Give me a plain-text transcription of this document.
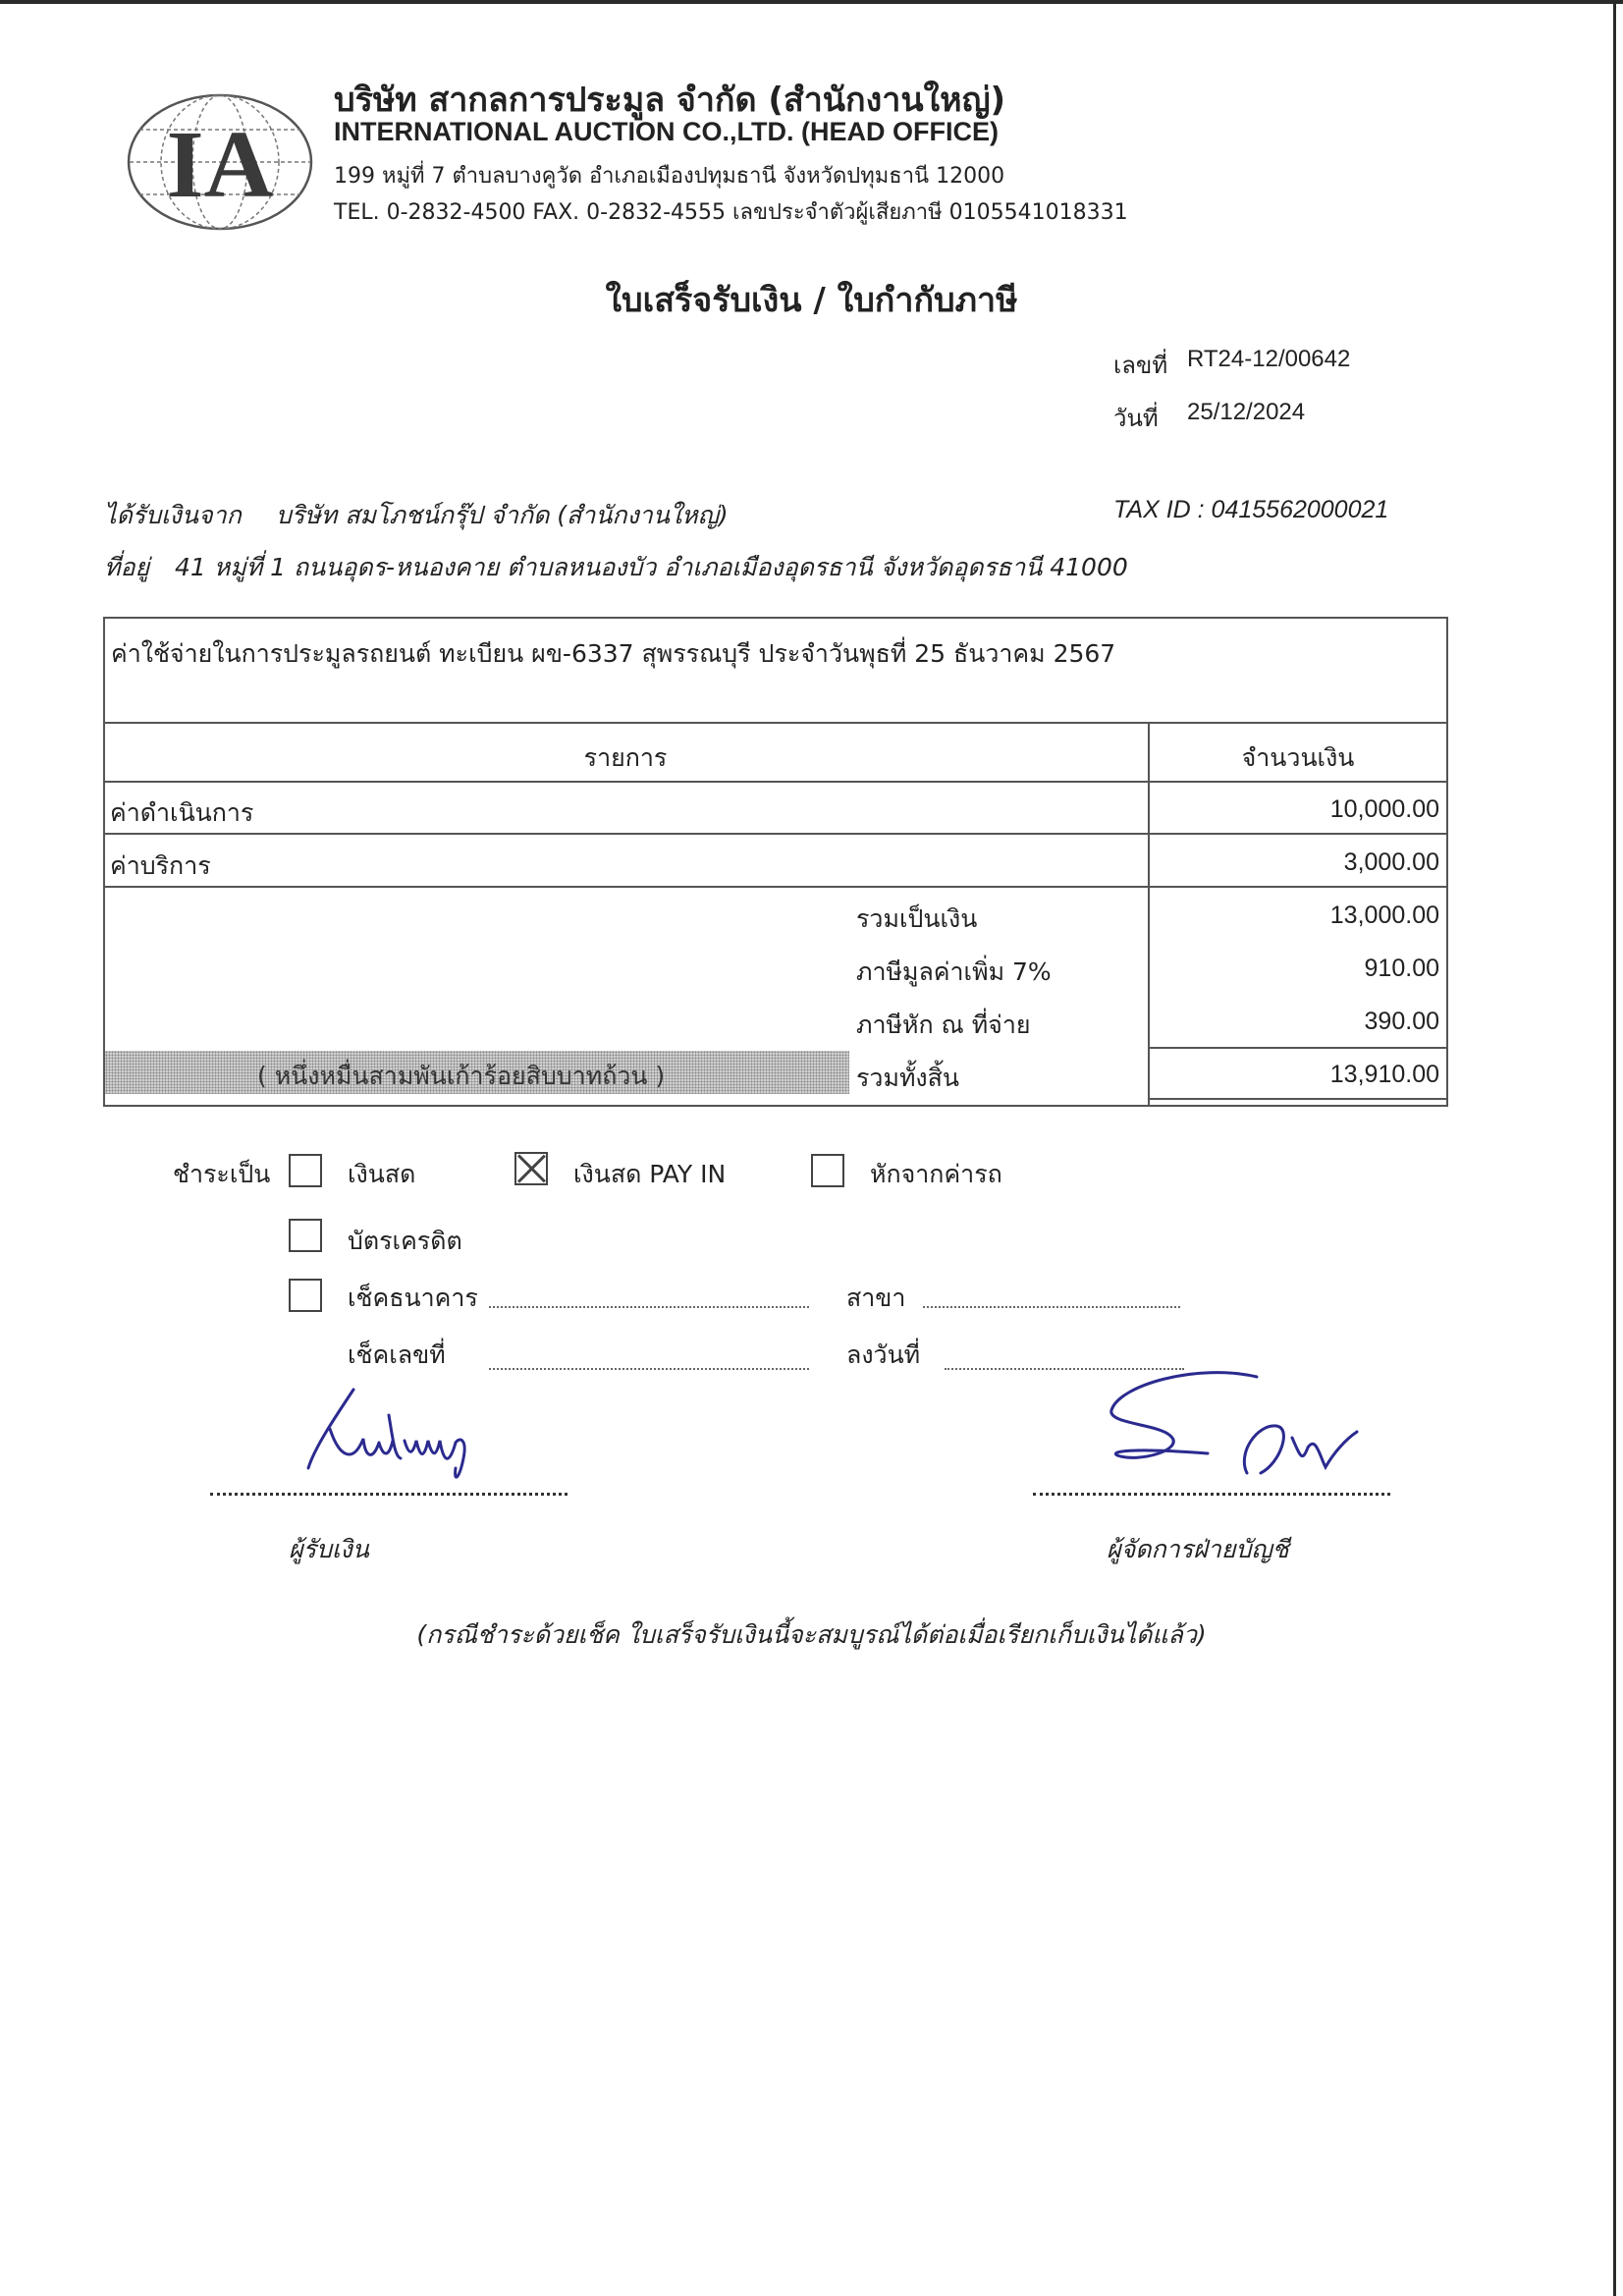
IA
บริษัท สากลการประมูล จำกัด (สำนักงานใหญ่)
INTERNATIONAL AUCTION CO.,LTD. (HEAD OFFICE)
199 หมู่ที่ 7 ตำบลบางคูวัด อำเภอเมืองปทุมธานี จังหวัดปทุมธานี 12000
TEL. 0-2832-4500 FAX. 0-2832-4555 เลขประจำตัวผู้เสียภาษี 0105541018331
ใบเสร็จรับเงิน / ใบกำกับภาษี
เลขที่ RT24-12/00642
วันที่ 25/12/2024
ได้รับเงินจาก บริษัท สมโภชน์กรุ๊ป จำกัด (สำนักงานใหญ่)	TAX ID : 0415562000021
ที่อยู่ 41 หมู่ที่ 1 ถนนอุดร-หนองคาย ตำบลหนองบัว อำเภอเมืองอุดรธานี จังหวัดอุดรธานี 41000
ค่าใช้จ่ายในการประมูลรถยนต์ ทะเบียน ผข-6337 สุพรรณบุรี ประจำวันพุธที่ 25 ธันวาคม 2567
รายการ	จำนวนเงิน
ค่าดำเนินการ	10,000.00
ค่าบริการ	3,000.00
รวมเป็นเงิน	13,000.00
ภาษีมูลค่าเพิ่ม 7%	910.00
ภาษีหัก ณ ที่จ่าย	390.00
( หนึ่งหมื่นสามพันเก้าร้อยสิบบาทถ้วน )	รวมทั้งสิ้น	13,910.00
ชำระเป็น	เงินสด	เงินสด PAY IN	หักจากค่ารถ
บัตรเครดิต
เช็คธนาคาร	สาขา
เช็คเลขที่	ลงวันที่
ผู้รับเงิน	ผู้จัดการฝ่ายบัญชี
(กรณีชำระด้วยเช็ค ใบเสร็จรับเงินนี้จะสมบูรณ์ได้ต่อเมื่อเรียกเก็บเงินได้แล้ว)
